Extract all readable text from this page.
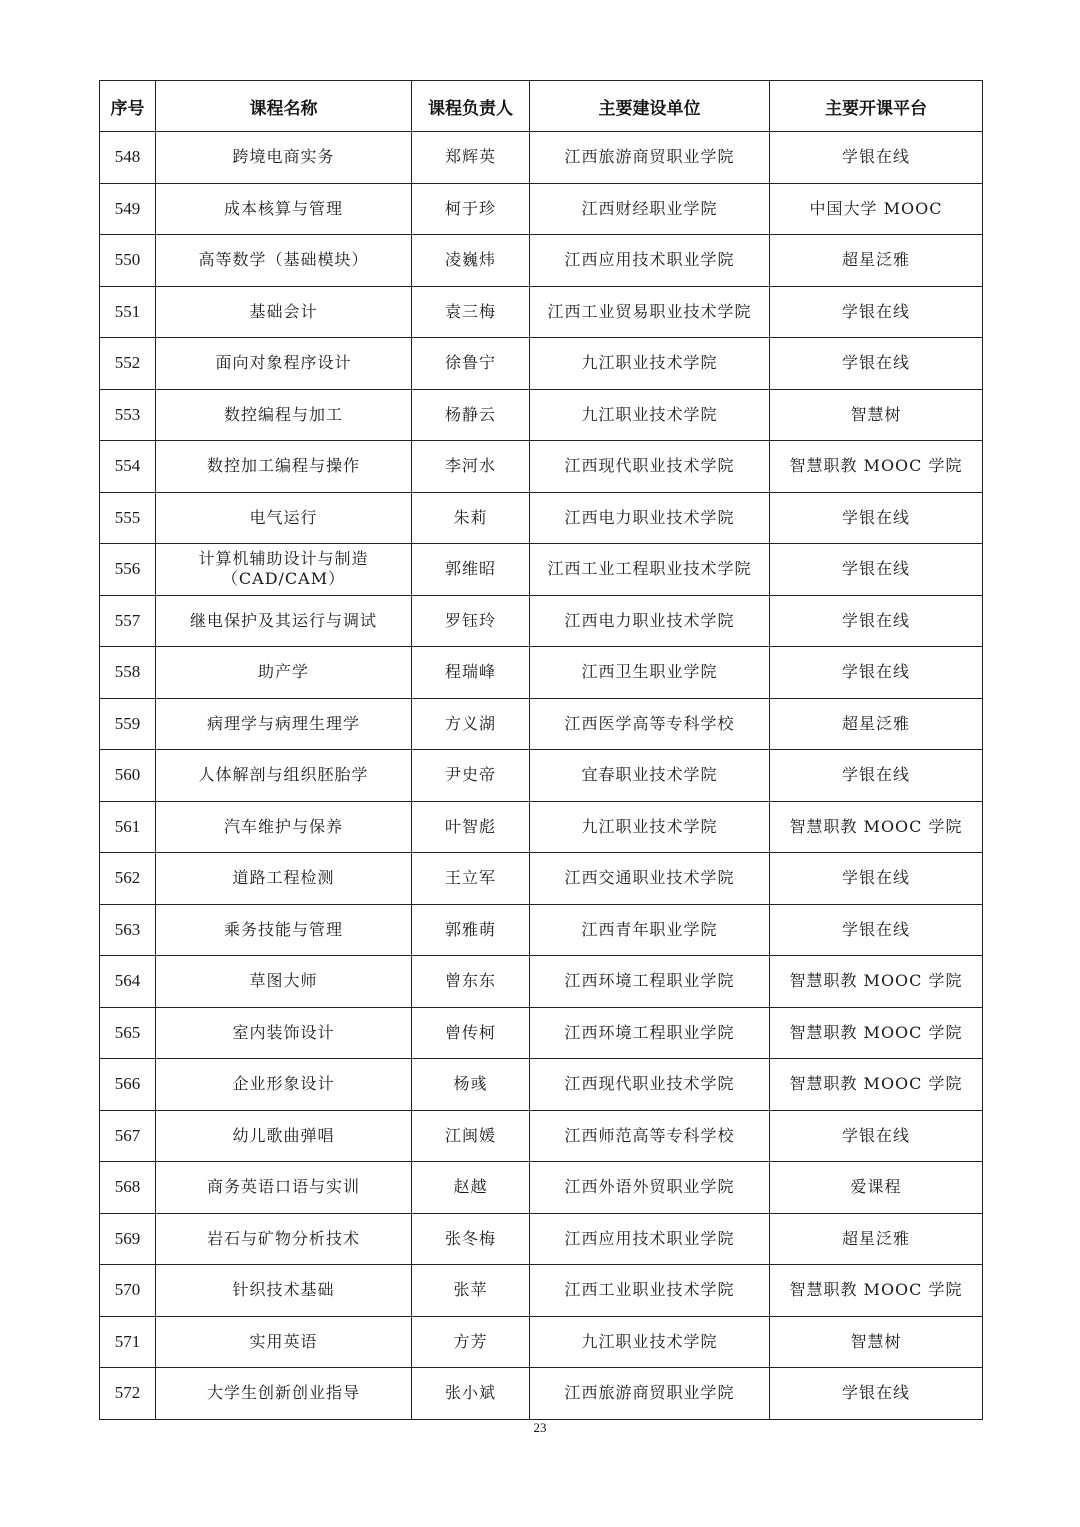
序号	课程名称	课程负责人	主要建设单位	主要开课平台
548	跨境电商实务	郑辉英	江西旅游商贸职业学院	学银在线
549	成本核算与管理	柯于珍	江西财经职业学院	中国大学 MOOC
550	高等数学（基础模块）	凌巍炜	江西应用技术职业学院	超星泛雅
551	基础会计	袁三梅	江西工业贸易职业技术学院	学银在线
552	面向对象程序设计	徐鲁宁	九江职业技术学院	学银在线
553	数控编程与加工	杨静云	九江职业技术学院	智慧树
554	数控加工编程与操作	李河水	江西现代职业技术学院	智慧职教 MOOC 学院
555	电气运行	朱莉	江西电力职业技术学院	学银在线
556	计算机辅助设计与制造（CAD/CAM）	郭维昭	江西工业工程职业技术学院	学银在线
557	继电保护及其运行与调试	罗钰玲	江西电力职业技术学院	学银在线
558	助产学	程瑞峰	江西卫生职业学院	学银在线
559	病理学与病理生理学	方义湖	江西医学高等专科学校	超星泛雅
560	人体解剖与组织胚胎学	尹史帝	宜春职业技术学院	学银在线
561	汽车维护与保养	叶智彪	九江职业技术学院	智慧职教 MOOC 学院
562	道路工程检测	王立军	江西交通职业技术学院	学银在线
563	乘务技能与管理	郭雅萌	江西青年职业学院	学银在线
564	草图大师	曾东东	江西环境工程职业学院	智慧职教 MOOC 学院
565	室内装饰设计	曾传柯	江西环境工程职业学院	智慧职教 MOOC 学院
566	企业形象设计	杨彧	江西现代职业技术学院	智慧职教 MOOC 学院
567	幼儿歌曲弹唱	江闽媛	江西师范高等专科学校	学银在线
568	商务英语口语与实训	赵越	江西外语外贸职业学院	爱课程
569	岩石与矿物分析技术	张冬梅	江西应用技术职业学院	超星泛雅
570	针织技术基础	张苹	江西工业职业技术学院	智慧职教 MOOC 学院
571	实用英语	方芳	九江职业技术学院	智慧树
572	大学生创新创业指导	张小斌	江西旅游商贸职业学院	学银在线
23
